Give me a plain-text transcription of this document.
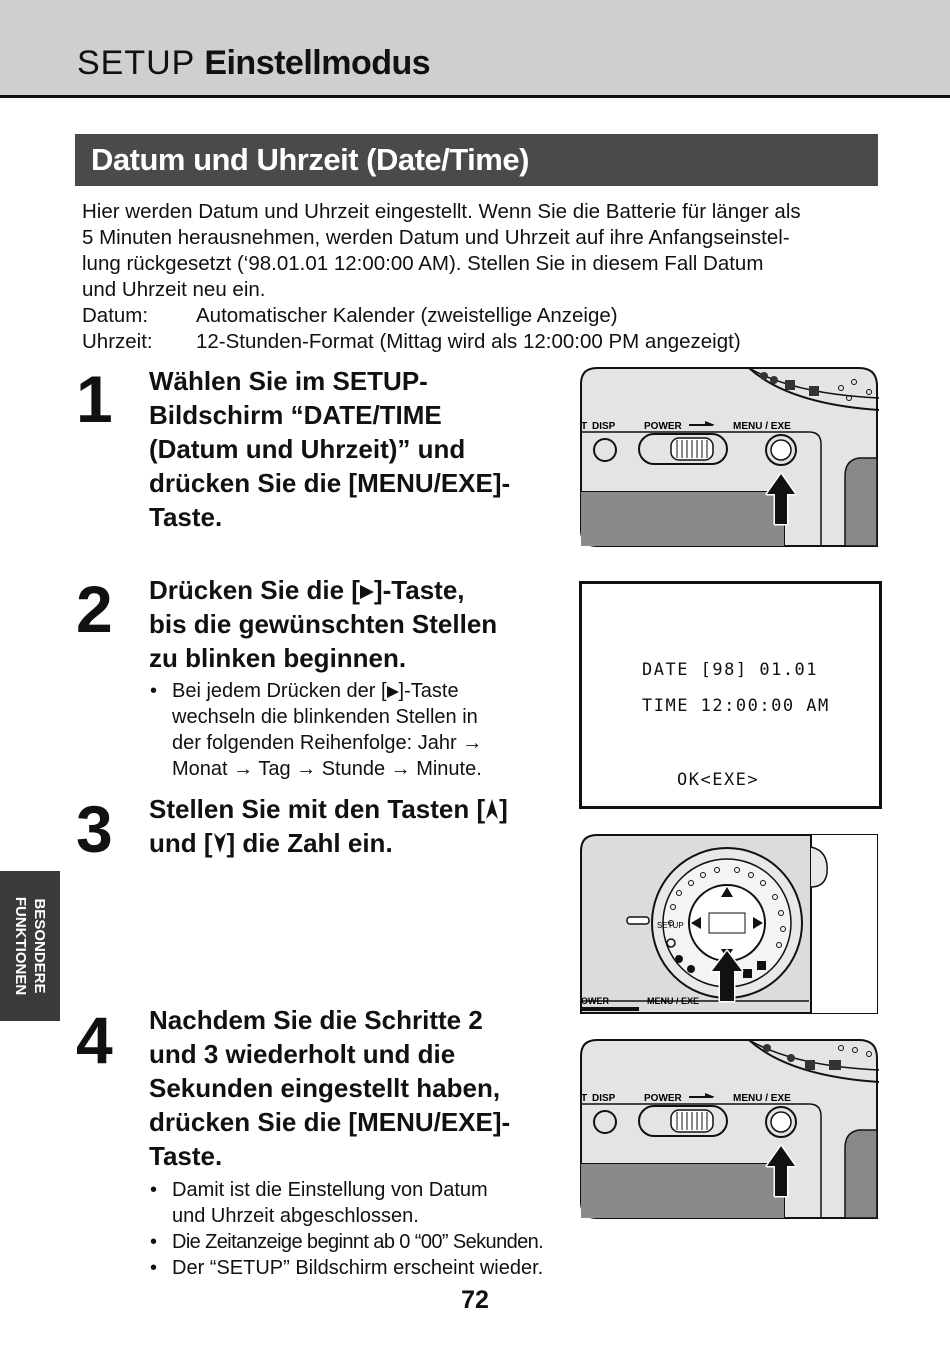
SETUP Einstellmodus
Datum und Uhrzeit (Date/Time)

Hier werden Datum und Uhrzeit eingestellt. Wenn Sie die Batterie für länger als

5 Minuten herausnehmen, werden Datum und Uhrzeit auf ihre Anfangseinstel-

lung rückgesetzt (‘98.01.01 12:00:00 AM). Stellen Sie in diesem Fall Datum

und Uhrzeit neu ein.

Datum:	Automatischer Kalender (zweistellige Anzeige)
Uhrzeit:	12-Stunden-Format (Mittag wird als 12:00:00 PM angezeigt)
1 Wählen Sie im SETUP-
Bildschirm “DATE/TIME
(Datum und Uhrzeit)” und
drücken Sie die [MENU/EXE]-
Taste.
2 Drücken Sie die [ ]-Taste,
bis die gewünschten Stellen
zu blinken beginnen.
• Bei jedem Drücken der [ ]-Taste
wechseln die blinkenden Stellen in
der folgenden Reihenfolge: Jahr →
Monat → Tag → Stunde → Minute.
3 Stellen Sie mit den Tasten [ ]
und [ ] die Zahl ein.
4 Nachdem Sie die Schritte 2
und 3 wiederholt und die
Sekunden eingestellt haben,
drücken Sie die [MENU/EXE]-
Taste.
• Damit ist die Einstellung von Datum
und Uhrzeit abgeschlossen.
• Die Zeitanzeige beginnt ab 0 “00” Sekunden.
• Der “SETUP” Bildschirm erscheint wieder.
T DISP	POWER	MENU / EXE
DATE [98] 01.01
TIME 12:00:00 AM
OK<EXE>
SETUP
OWER	MENU / EXE
T DISP	POWER	MENU / EXE
BESONDERE
FUNKTIONEN
72
